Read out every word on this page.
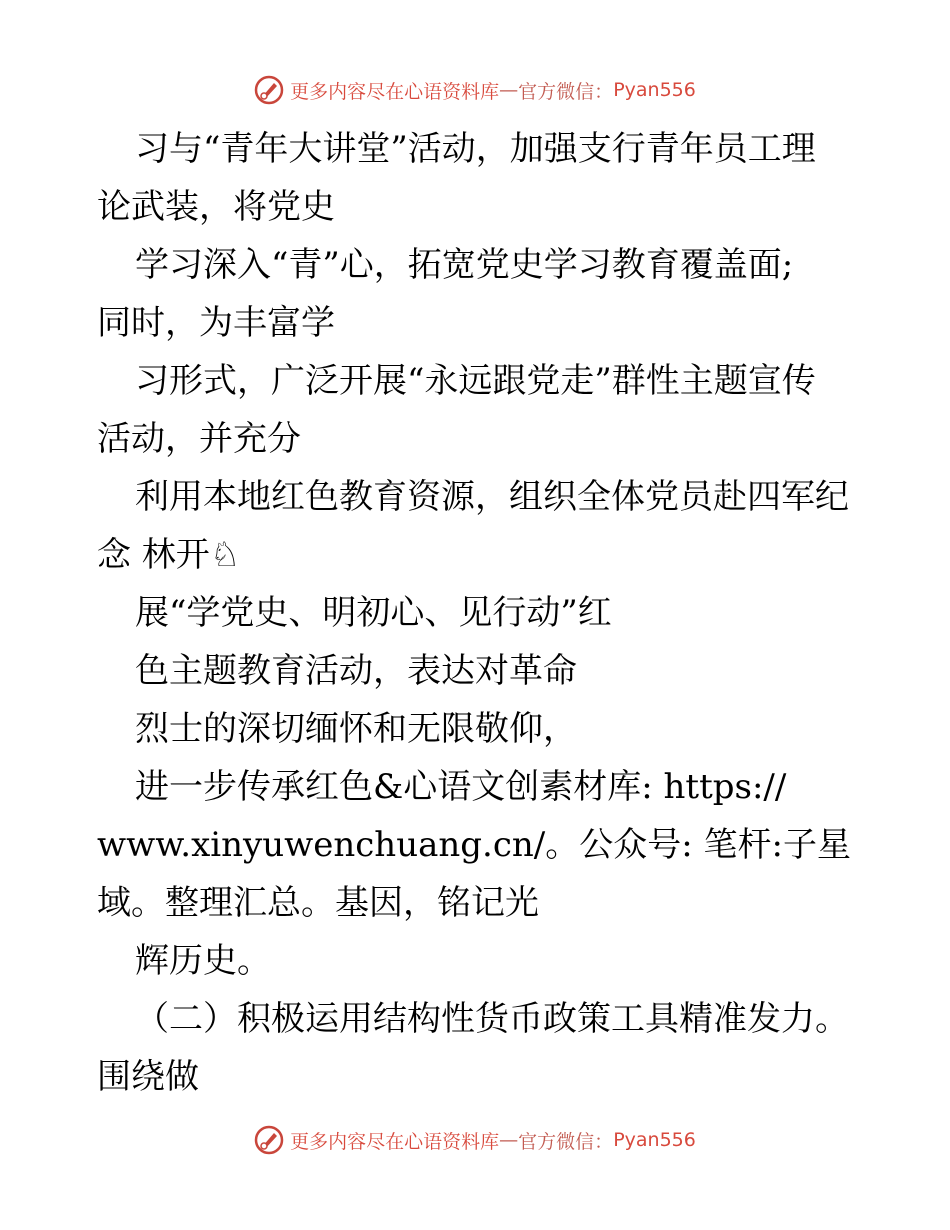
更多内容尽在心语资料库 — 官方微信： Pyan556
习与“青年大讲堂”活动，加强支行青年员工理
论武装，将党史
学习深入“青”心，拓宽党史学习教育覆盖面;
同时，为丰富学
习形式，广泛开展“永远跟党走”群性主题宣传
活动，并充分
利用本地红色教育资源，组织全体党员赴四军纪
念 林开♘
展“学党史、明初心、见行动”红
色主题教育活动，表达对革命
烈士的深切缅怀和无限敬仰，
进一步传承红色&心语文创素材库: https://
www.xinyuwenchuang.cn/。公众号: 笔杆:子星
域。整理汇总。基因，铭记光
辉历史。
（二）积极运用结构性货币政策工具精准发力。
围绕做
更多内容尽在心语资料库 — 官方微信： Pyan556
